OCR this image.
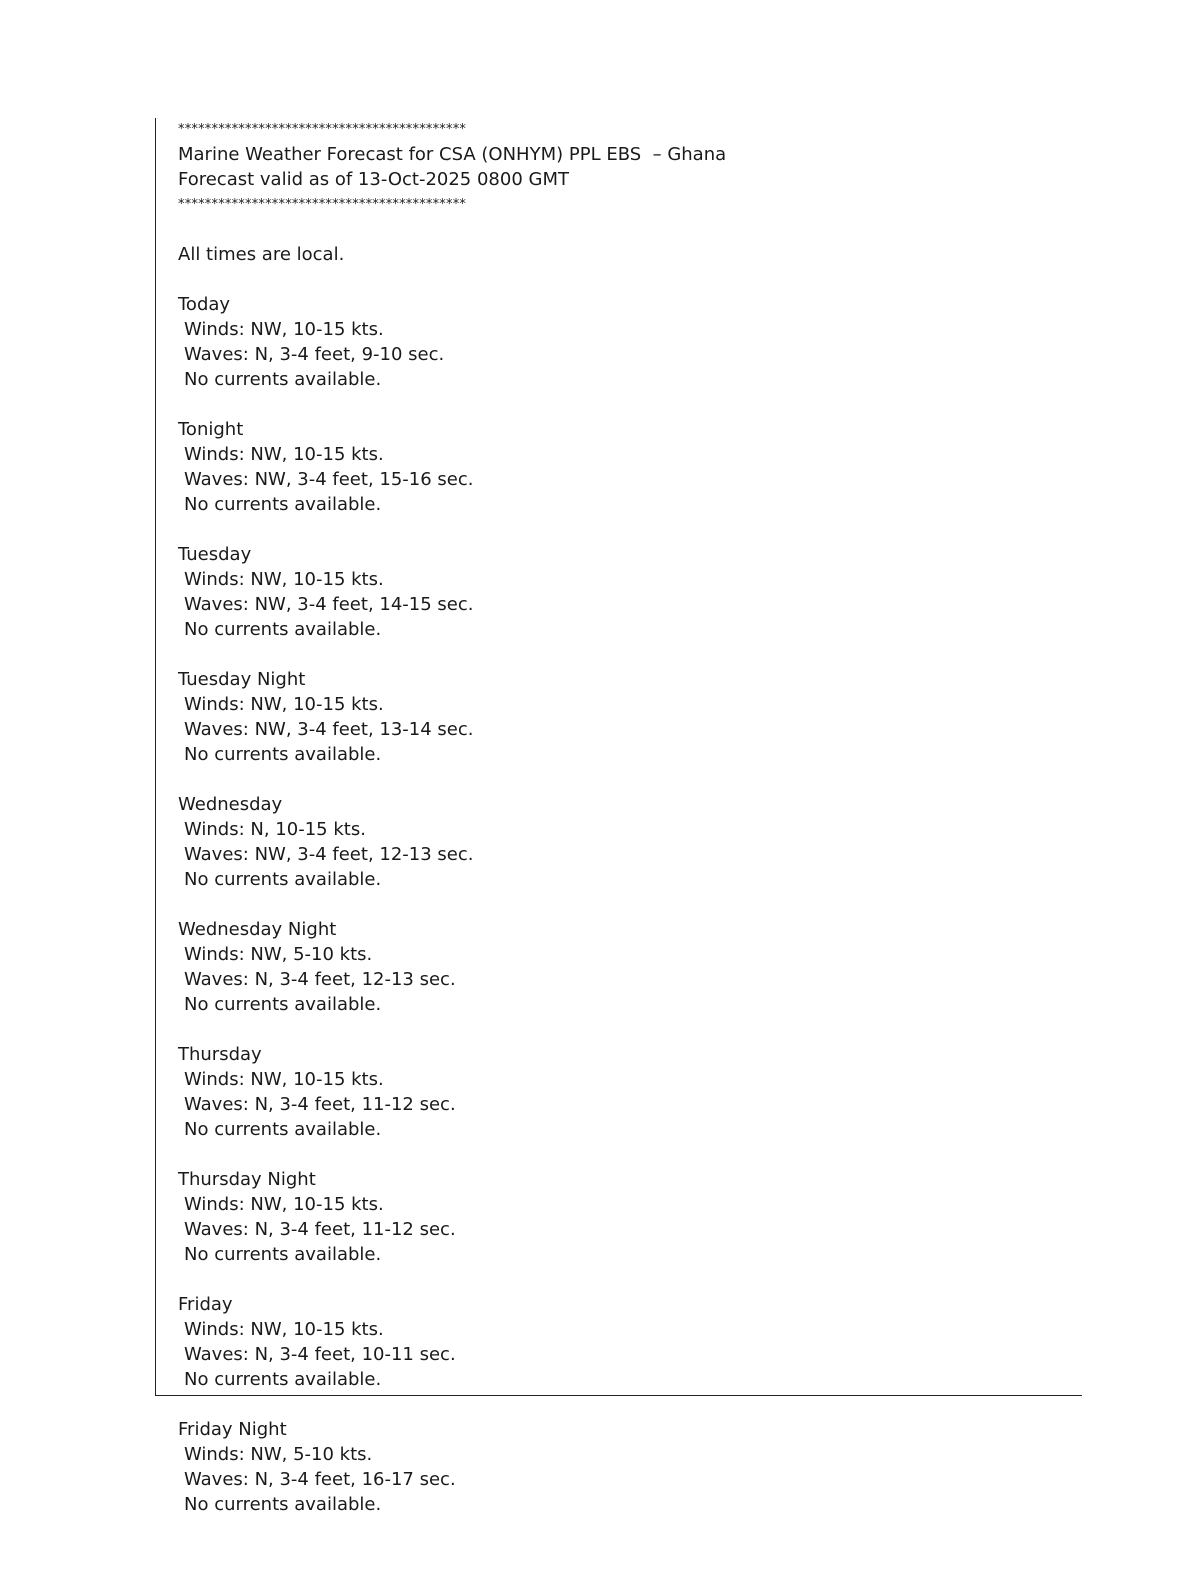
*******************************************
Marine Weather Forecast for CSA (ONHYM) PPL EBS  – Ghana
Forecast valid as of 13-Oct-2025 0800 GMT
*******************************************
All times are local.
Today
Winds: NW, 10-15 kts.
Waves: N, 3-4 feet, 9-10 sec.
No currents available.
Tonight
Winds: NW, 10-15 kts.
Waves: NW, 3-4 feet, 15-16 sec.
No currents available.
Tuesday
Winds: NW, 10-15 kts.
Waves: NW, 3-4 feet, 14-15 sec.
No currents available.
Tuesday Night
Winds: NW, 10-15 kts.
Waves: NW, 3-4 feet, 13-14 sec.
No currents available.
Wednesday
Winds: N, 10-15 kts.
Waves: NW, 3-4 feet, 12-13 sec.
No currents available.
Wednesday Night
Winds: NW, 5-10 kts.
Waves: N, 3-4 feet, 12-13 sec.
No currents available.
Thursday
Winds: NW, 10-15 kts.
Waves: N, 3-4 feet, 11-12 sec.
No currents available.
Thursday Night
Winds: NW, 10-15 kts.
Waves: N, 3-4 feet, 11-12 sec.
No currents available.
Friday
Winds: NW, 10-15 kts.
Waves: N, 3-4 feet, 10-11 sec.
No currents available.
Friday Night
Winds: NW, 5-10 kts.
Waves: N, 3-4 feet, 16-17 sec.
No currents available.
